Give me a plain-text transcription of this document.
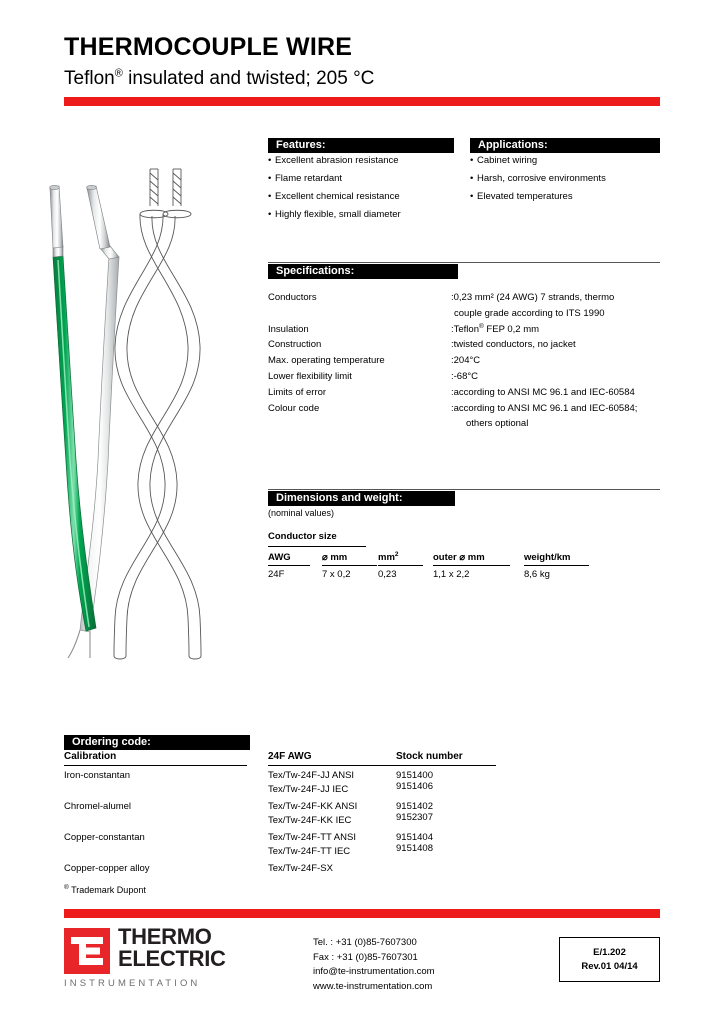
THERMOCOUPLE WIRE
Teflon® insulated and twisted; 205 °C
Features:
• Excellent abrasion resistance
• Flame retardant
• Excellent chemical resistance
• Highly flexible, small diameter
Applications:
• Cabinet wiring
• Harsh, corrosive environments
• Elevated temperatures
Specifications:
Conductors	:0,23 mm² (24 AWG) 7 strands, thermo
couple grade according to ITS 1990
Insulation	:Teflon® FEP 0,2 mm
Construction	:twisted conductors, no jacket
Max. operating temperature	:204°C
Lower flexibility limit	:-68°C
Limits of error	:according to ANSI MC 96.1 and IEC-60584
Colour code	:according to ANSI MC 96.1 and IEC-60584;
others optional
Dimensions and weight:
(nominal values)
Conductor size
AWG	⌀ mm	$mm^2$	outer ⌀ mm	weight/km
24F	7 x 0,2	0,23	1,1 x 2,2	8,6 kg
Ordering code:
Calibration	24F AWG	Stock number
Iron-constantan	Tex/Tw-24F-JJ ANSI	9151400
Tex/Tw-24F-JJ IEC	9151406
Chromel-alumel	Tex/Tw-24F-KK ANSI	9151402
Tex/Tw-24F-KK IEC	9152307
Copper-constantan	Tex/Tw-24F-TT ANSI	9151404
Tex/Tw-24F-TT IEC	9151408
Copper-copper alloy	Tex/Tw-24F-SX
® Trademark Dupont
THERMO
ELECTRIC
INSTRUMENTATION
Tel. : +31 (0)85-7607300
Fax : +31 (0)85-7607301
info@te-instrumentation.com
www.te-instrumentation.com
E/1.202
Rev.01 04/14
